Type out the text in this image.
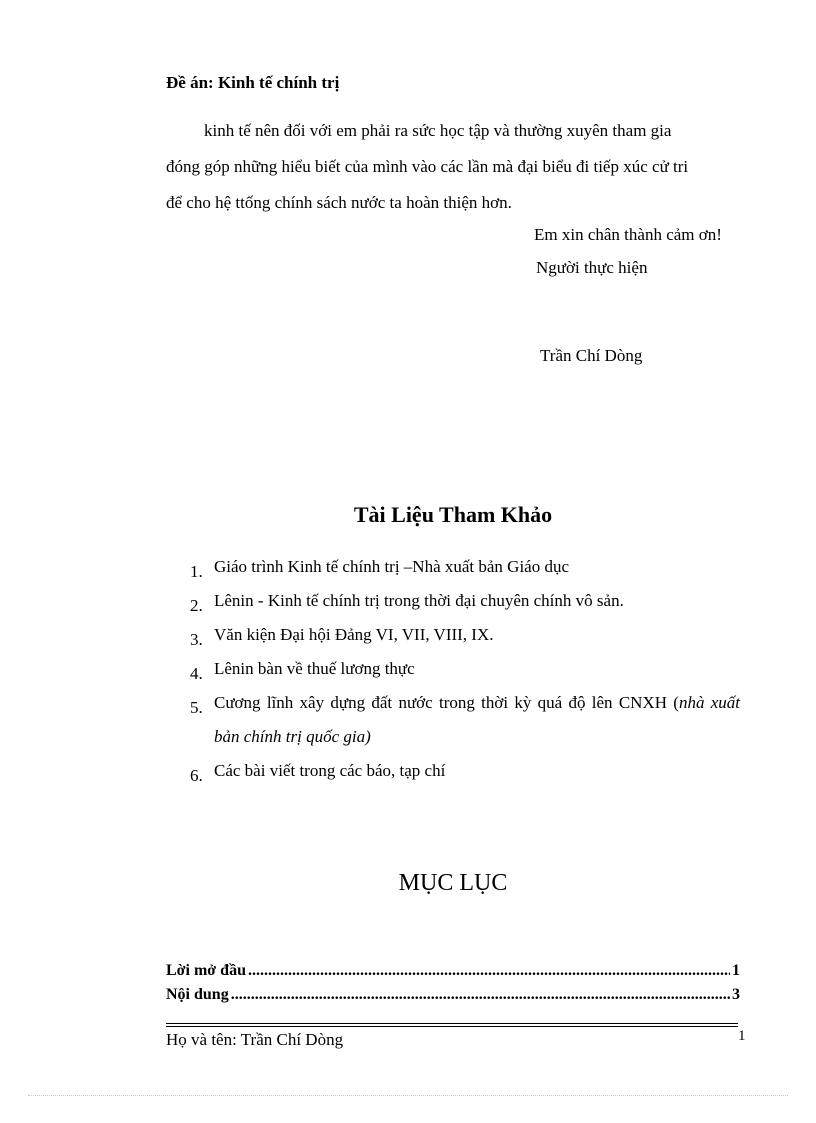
Đề án: Kinh tế chính trị
kinh tế nên đối với em phải ra sức học tập và thường xuyên tham gia
đóng góp những hiểu biết của mình vào các lần mà đại biểu đi tiếp xúc cử tri
để cho hệ ttống chính sách nước ta hoàn thiện hơn.
Em xin chân thành cảm ơn!
Người thực hiện
Trần Chí Dòng
Tài Liệu Tham Khảo
1. Giáo trình Kinh tế chính trị –Nhà xuất bản Giáo dục
2. Lênin - Kinh tế chính trị trong thời đại chuyên chính vô sản.
3. Văn kiện Đại hội Đảng VI, VII, VIII, IX.
4. Lênin bàn về thuế lương thực
5. Cương lĩnh xây dựng đất nước trong thời kỳ quá độ lên CNXH (nhà xuất bản chính trị quốc gia)
6. Các bài viết trong các báo, tạp chí
MỤC LỤC
Lời mở đầu .....	1
Nội dung .....	3
Họ và tên: Trần Chí Dòng	1
